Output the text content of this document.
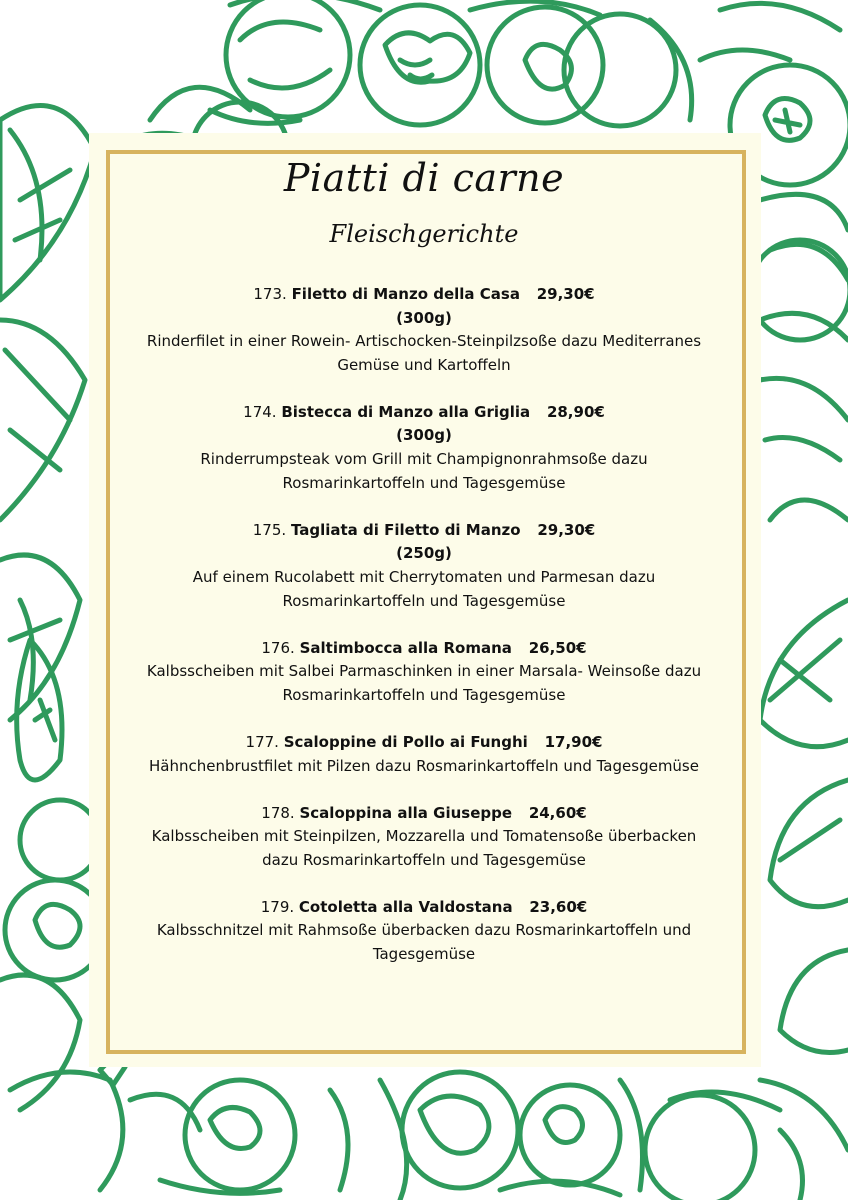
Piatti di carne
Fleischgerichte
173. Filetto di Manzo della Casa 29,30€
(300g)
Rinderfilet in einer Rowein- Artischocken-Steinpilzsoße dazu Mediterranes
Gemüse und Kartoffeln
174. Bistecca di Manzo alla Griglia 28,90€
(300g)
Rinderrumpsteak vom Grill mit Champignonrahmsoße dazu
Rosmarinkartoffeln und Tagesgemüse
175. Tagliata di Filetto di Manzo 29,30€
(250g)
Auf einem Rucolabett mit Cherrytomaten und Parmesan dazu
Rosmarinkartoffeln und Tagesgemüse
176. Saltimbocca alla Romana 26,50€
Kalbsscheiben mit Salbei Parmaschinken in einer Marsala- Weinsoße dazu
Rosmarinkartoffeln und Tagesgemüse
177. Scaloppine di Pollo ai Funghi 17,90€
Hähnchenbrustfilet mit Pilzen dazu Rosmarinkartoffeln und Tagesgemüse
178. Scaloppina alla Giuseppe 24,60€
Kalbsscheiben mit Steinpilzen, Mozzarella und Tomatensoße überbacken
dazu Rosmarinkartoffeln und Tagesgemüse
179. Cotoletta alla Valdostana 23,60€
Kalbsschnitzel mit Rahmsoße überbacken dazu Rosmarinkartoffeln und
Tagesgemüse
